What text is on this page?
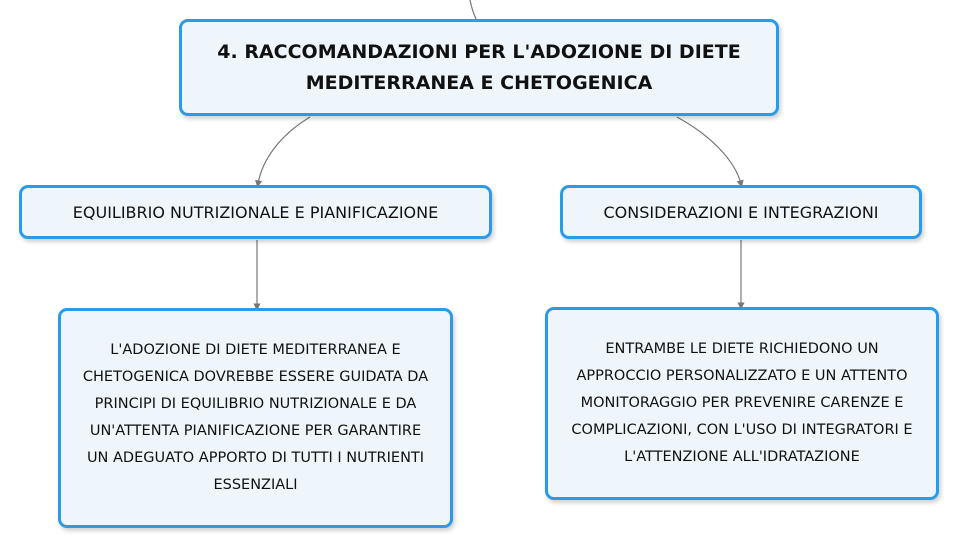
4. RACCOMANDAZIONI PER L'ADOZIONE DI DIETE MEDITERRANEA E CHETOGENICA
EQUILIBRIO NUTRIZIONALE E PIANIFICAZIONE	CONSIDERAZIONI E INTEGRAZIONI
L'ADOZIONE DI DIETE MEDITERRANEA E CHETOGENICA DOVREBBE ESSERE GUIDATA DA PRINCIPI DI EQUILIBRIO NUTRIZIONALE E DA UN'ATTENTA PIANIFICAZIONE PER GARANTIRE UN ADEGUATO APPORTO DI TUTTI I NUTRIENTI ESSENZIALI
ENTRAMBE LE DIETE RICHIEDONO UN APPROCCIO PERSONALIZZATO E UN ATTENTO MONITORAGGIO PER PREVENIRE CARENZE E COMPLICAZIONI, CON L'USO DI INTEGRATORI E L'ATTENZIONE ALL'IDRATAZIONE
